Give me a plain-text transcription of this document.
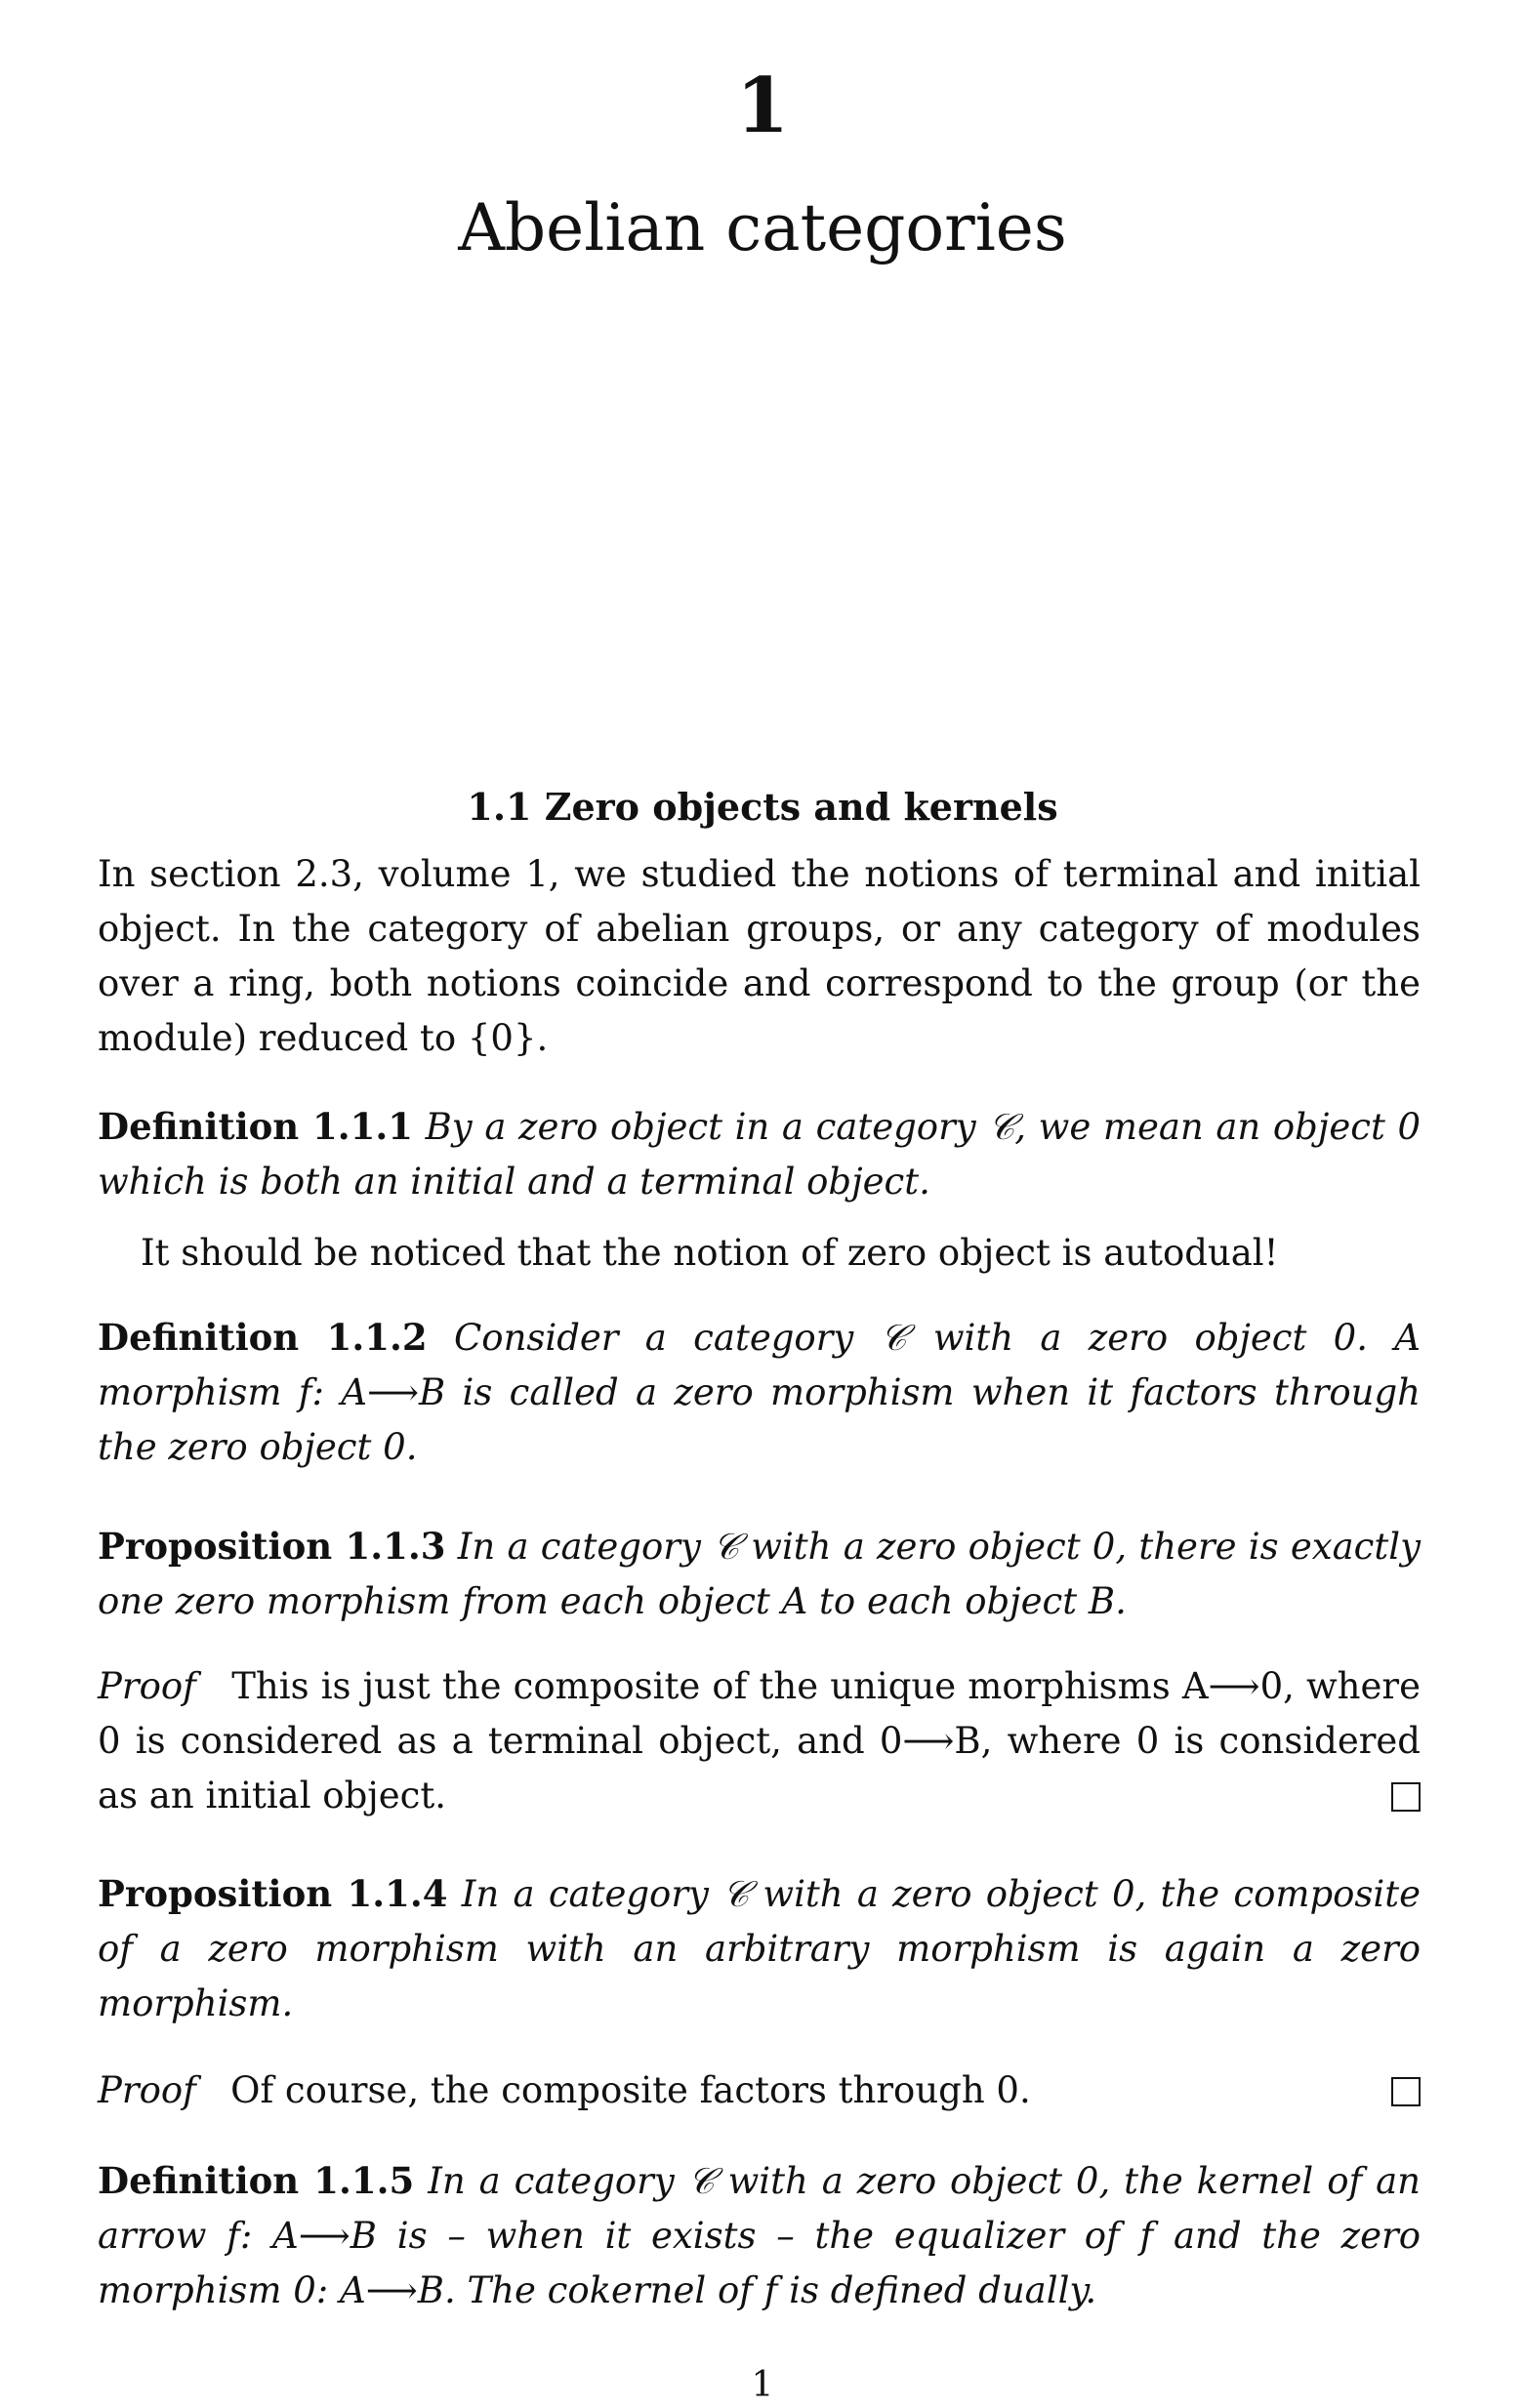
1
Abelian categories
1.1 Zero objects and kernels
In section 2.3, volume 1, we studied the notions of terminal and initial object. In the category of abelian groups, or any category of modules over a ring, both notions coincide and correspond to the group (or the module) reduced to {0}.
Definition 1.1.1 By a zero object in a category 𝒞, we mean an object 0 which is both an initial and a terminal object.
It should be noticed that the notion of zero object is autodual!
Definition 1.1.2 Consider a category 𝒞 with a zero object 0. A morphism f: A⟶B is called a zero morphism when it factors through the zero object 0.
Proposition 1.1.3 In a category 𝒞 with a zero object 0, there is exactly one zero morphism from each object A to each object B.
Proof This is just the composite of the unique morphisms A⟶0, where 0 is considered as a terminal object, and 0⟶B, where 0 is considered as an initial object.
Proposition 1.1.4 In a category 𝒞 with a zero object 0, the composite of a zero morphism with an arbitrary morphism is again a zero morphism.
Proof Of course, the composite factors through 0.
Definition 1.1.5 In a category 𝒞 with a zero object 0, the kernel of an arrow f: A⟶B is – when it exists – the equalizer of f and the zero morphism 0: A⟶B. The cokernel of f is defined dually.
1
